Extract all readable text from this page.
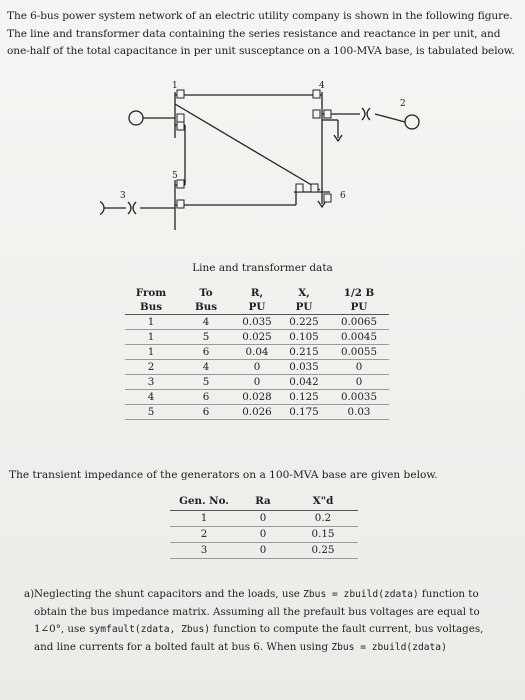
The 6-bus power system network of an electric utility company is shown in the following figure.
The line and transformer data containing the series resistance and reactance in per unit, and
one-half of the total capacitance in per unit susceptance on a 100-MVA base, is tabulated below.
1	4
2
5
3	6
Line and transformer data
From	To	R,	X,	1/2 B
Bus	Bus	PU	PU	PU
1	4	0.035	0.225	0.0065
1	5	0.025	0.105	0.0045
1	6	0.04	0.215	0.0055
2	4	0	0.035	0
3	5	0	0.042	0
4	6	0.028	0.125	0.0035
5	6	0.026	0.175	0.03
The transient impedance of the generators on a 100-MVA base are given below.
Gen. No.	Ra	X"d
1	0	0.2
2	0	0.15
3	0	0.25
a) Neglecting the shunt capacitors and the loads, use Zbus = zbuild(zdata) function to
obtain the bus impedance matrix. Assuming all the prefault bus voltages are equal to
1∠0°, use symfault(zdata, Zbus) function to compute the fault current, bus voltages,
and line currents for a bolted fault at bus 6. When using Zbus = zbuild(zdata)
